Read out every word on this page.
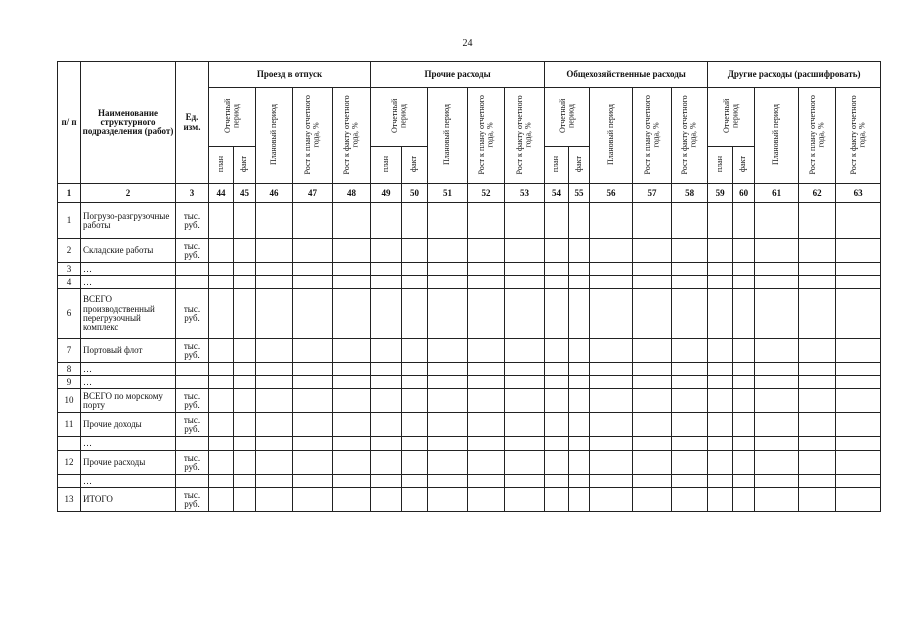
24
п/ п	Наименование структурного подразделения (работ)	Ед. изм.	Проезд в отпуск					Прочие расходы					Общехозяйственные расходы					Другие расходы (расшифровать)				
			Отчетный период		Плановый период	Рост к плану отчетного года, %	Рост к факту отчетного года, %	Отчетный период		Плановый период	Рост к плану отчетного года, %	Рост к факту отчетного года, %	Отчетный период		Плановый период	Рост к плану отчетного года, %	Рост к факту отчетного года, %	Отчетный период		Плановый период	Рост к плану отчетного года, %	Рост к факту отчетного года, %
			план	факт				план	факт				план	факт				план	факт			
1	2	3	44	45	46	47	48	49	50	51	52	53	54	55	56	57	58	59	60	61	62	63
1	Погрузо-разгрузочные работы	тыс. руб.																				
2	Складские работы	тыс. руб.																				
3	…																					
4	…																					
6	ВСЕГО производственный перегрузочный комплекс	тыс. руб.																				
7	Портовый флот	тыс. руб.																				
8	…																					
9	…																					
10	ВСЕГО по морскому порту	тыс. руб.																				
11	Прочие доходы	тыс. руб.																				
	…																					
12	Прочие расходы	тыс. руб.																				
	…																					
13	ИТОГО	тыс. руб.																				
